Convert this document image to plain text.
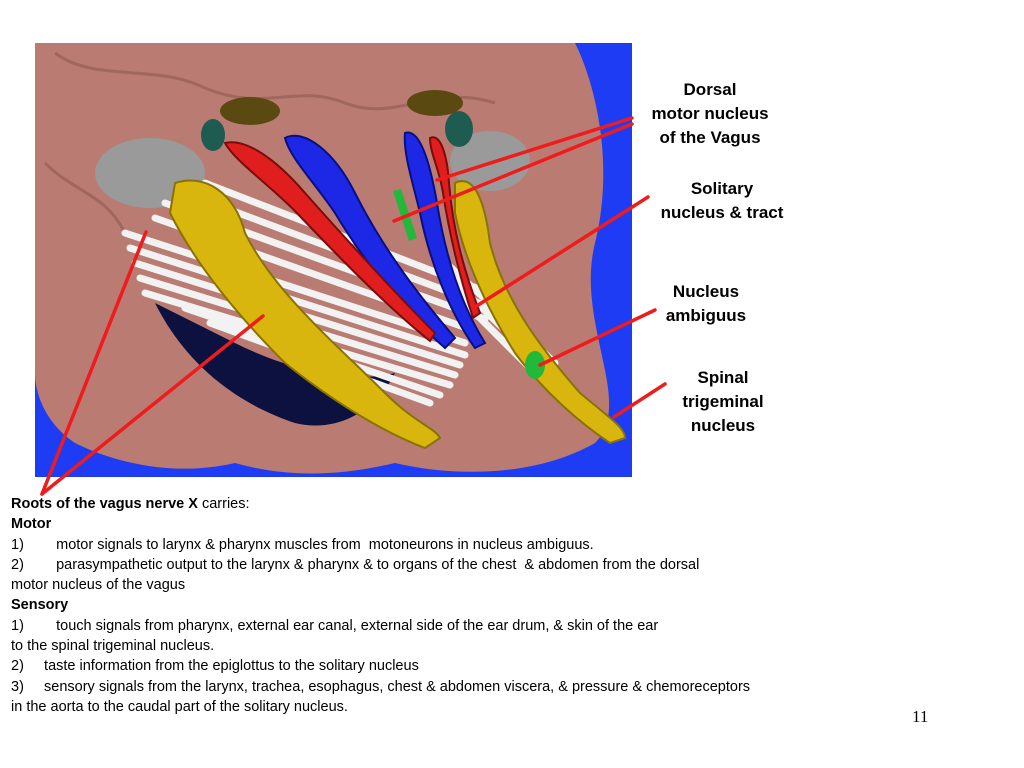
Dorsal
motor nucleus
of the Vagus
Solitary
nucleus & tract
Nucleus
ambiguus
Spinal
trigeminal
nucleus

Roots of the vagus nerve X carries:

Motor

1)        motor signals to larynx & pharynx muscles from  motoneurons in nucleus ambiguus.

2)        parasympathetic output to the larynx & pharynx & to organs of the chest  & abdomen from the dorsal

motor nucleus of the vagus

Sensory

1)        touch signals from pharynx, external ear canal, external side of the ear drum, & skin of the ear

to the spinal trigeminal nucleus.

2)     taste information from the epiglottus to the solitary nucleus

3)     sensory signals from the larynx, trachea, esophagus, chest & abdomen viscera, & pressure & chemoreceptors

in the aorta to the caudal part of the solitary nucleus.

11
